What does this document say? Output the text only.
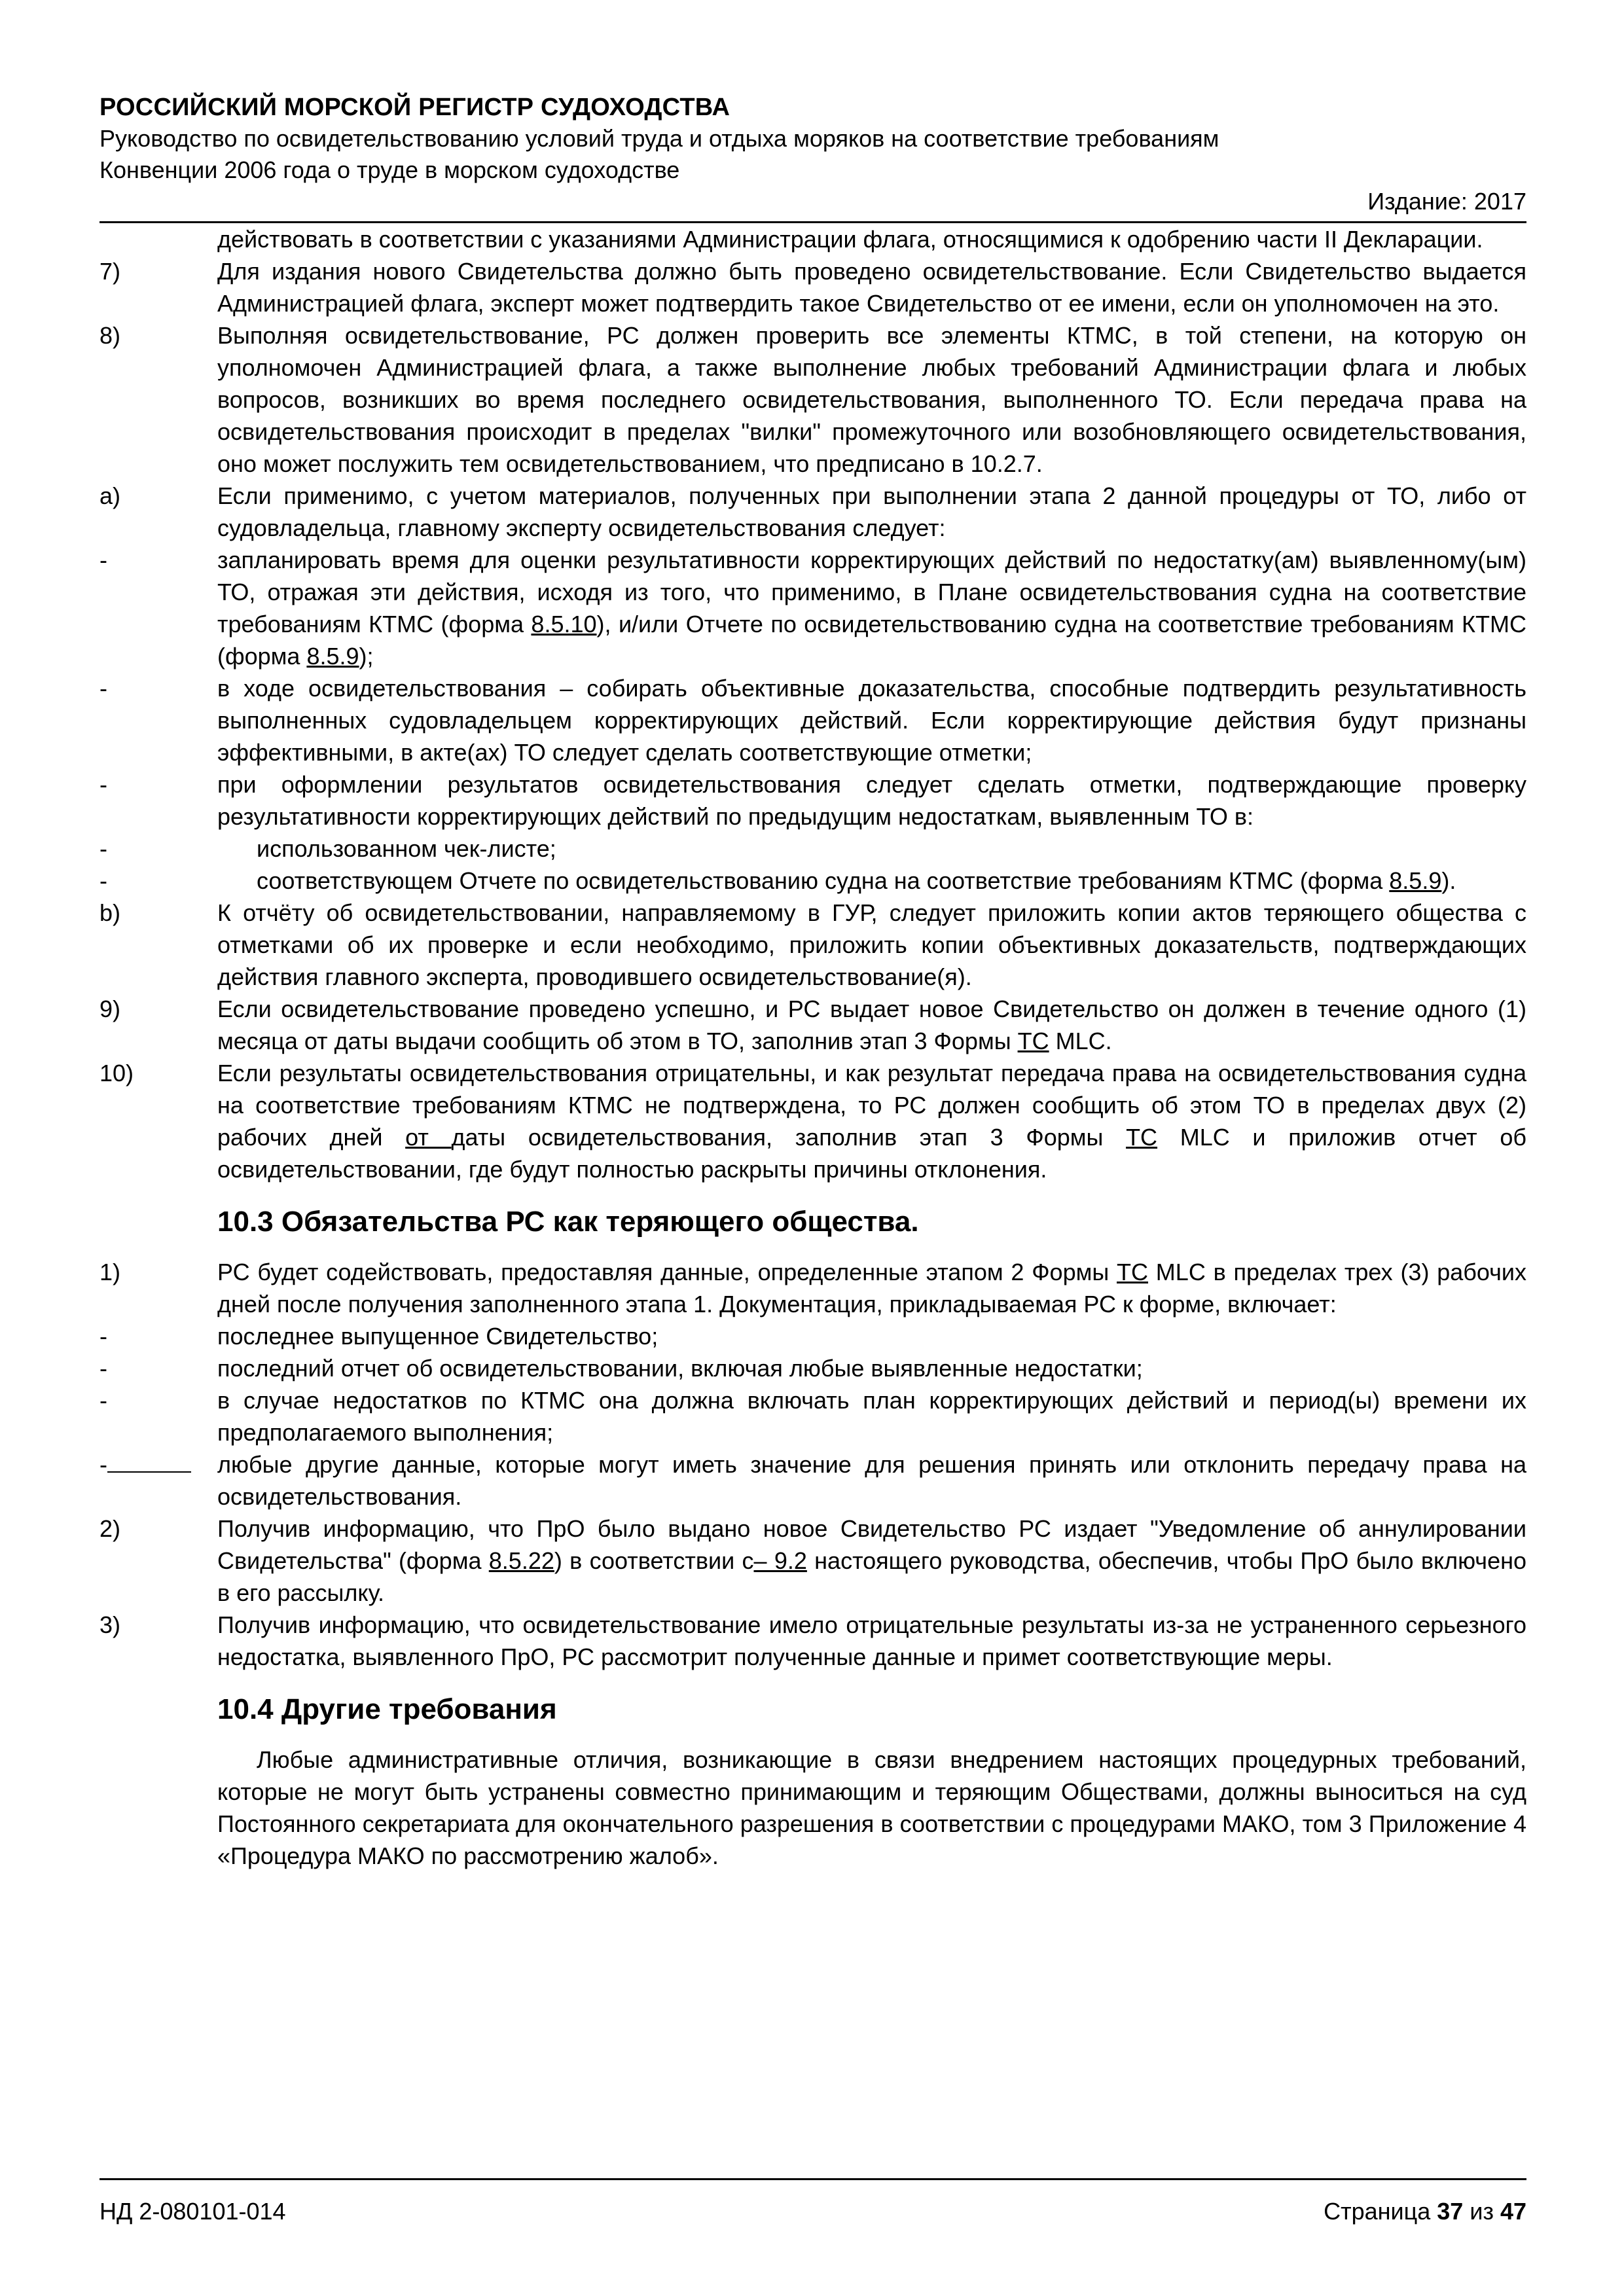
РОССИЙСКИЙ МОРСКОЙ РЕГИСТР СУДОХОДСТВА
Руководство по освидетельствованию условий труда и отдыха моряков на соответствие требованиям
Конвенции 2006 года о труде в морском судоходстве
Издание: 2017
действовать в соответствии с указаниями Администрации флага, относящимися к одобрению части II Декларации.
7)	Для издания нового Свидетельства должно быть проведено освидетельствование. Если Свидетельство выдается Администрацией флага, эксперт может подтвердить такое Свидетельство от ее имени, если он уполномочен на это.
8)	Выполняя освидетельствование, РС должен проверить все элементы КТМС, в той степени, на которую он уполномочен Администрацией флага, а также выполнение любых требований Администрации флага и любых вопросов, возникших во время последнего освидетельствования, выполненного ТО. Если передача права на освидетельствования происходит в пределах "вилки" промежуточного или возобновляющего освидетельствования, оно может послужить тем освидетельствованием, что предписано в 10.2.7.
a)	Если применимо, с учетом материалов, полученных при выполнении этапа 2 данной процедуры от ТО, либо от судовладельца, главному эксперту освидетельствования следует:
-	запланировать время для оценки результативности корректирующих действий по недостатку(ам) выявленному(ым) ТО, отражая эти действия, исходя из того, что применимо, в Плане освидетельствования судна на соответствие требованиям КТМС (форма 8.5.10), и/или Отчете по освидетельствованию судна на соответствие требованиям КТМС (форма 8.5.9);
-	в ходе освидетельствования – собирать объективные доказательства, способные подтвердить результативность выполненных судовладельцем корректирующих действий. Если корректирующие действия будут признаны эффективными, в акте(ах) ТО следует сделать соответствующие отметки;
-	при оформлении результатов освидетельствования следует сделать отметки, подтверждающие проверку результативности корректирующих действий по предыдущим недостаткам, выявленным ТО в:
-	использованном чек-листе;
-	соответствующем Отчете по освидетельствованию судна на соответствие требованиям КТМС (форма 8.5.9).
b)	К отчёту об освидетельствовании, направляемому в ГУР, следует приложить копии актов теряющего общества с отметками об их проверке и если необходимо, приложить копии объективных доказательств, подтверждающих действия главного эксперта, проводившего освидетельствование(я).
9)	Если освидетельствование проведено успешно, и РС выдает новое Свидетельство он должен в течение одного (1) месяца от даты выдачи сообщить об этом в ТО, заполнив этап 3 Формы ТС MLC.
10)	Если результаты освидетельствования отрицательны, и как результат передача права на освидетельствования судна на соответствие требованиям КТМС не подтверждена, то РС должен сообщить об этом ТО в пределах двух (2) рабочих дней от даты освидетельствования, заполнив этап 3 Формы ТС MLC и приложив отчет об освидетельствовании, где будут полностью раскрыты причины отклонения.
10.3 Обязательства РС как теряющего общества.
1)	РС будет содействовать, предоставляя данные, определенные этапом 2 Формы ТС MLC в пределах трех (3) рабочих дней после получения заполненного этапа 1. Документация, прикладываемая РС к форме, включает:
-	последнее выпущенное Свидетельство;
-	последний отчет об освидетельствовании, включая любые выявленные недостатки;
-	в случае недостатков по КТМС она должна включать план корректирующих действий и период(ы) времени их предполагаемого выполнения;
-	любые другие данные, которые могут иметь значение для решения принять или отклонить передачу права на освидетельствования.
2)	Получив информацию, что ПрО было выдано новое Свидетельство РС издает "Уведомление об аннулировании Свидетельства" (форма 8.5.22) в соответствии с– 9.2 настоящего руководства, обеспечив, чтобы ПрО было включено в его рассылку.
3)	Получив информацию, что освидетельствование имело отрицательные результаты из-за не устраненного серьезного недостатка, выявленного ПрО, РС рассмотрит полученные данные и примет соответствующие меры.
10.4 Другие требования
Любые административные отличия, возникающие в связи внедрением настоящих процедурных требований, которые не могут быть устранены совместно принимающим и теряющим Обществами, должны выноситься на суд Постоянного секретариата для окончательного разрешения в соответствии с процедурами МАКО, том 3 Приложение 4 «Процедура МАКО по рассмотрению жалоб».
НД 2-080101-014	Страница 37 из 47
